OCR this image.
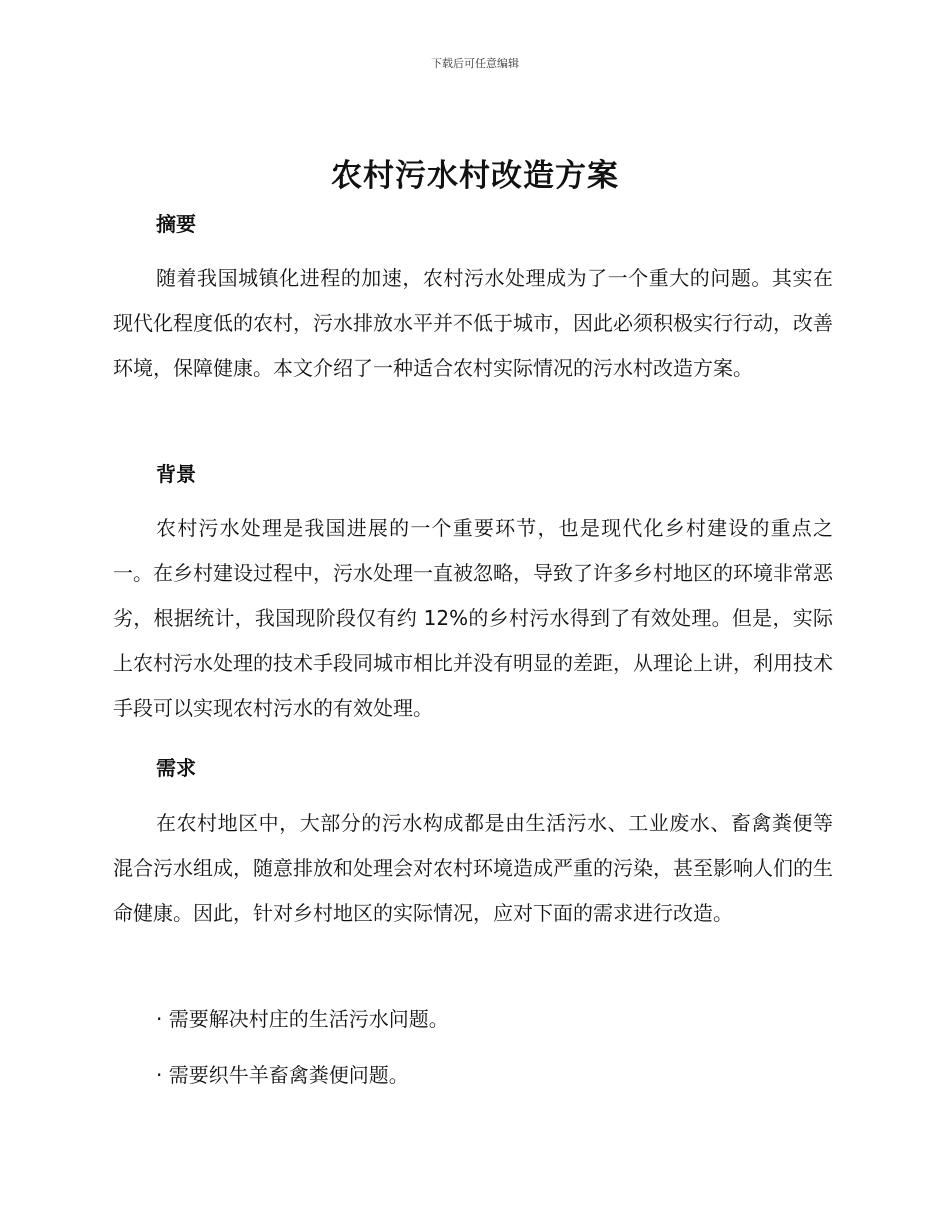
下载后可任意编辑
农村污水村改造方案
摘要

随着我国城镇化进程的加速，农村污水处理成为了一个重大的问题。其实在现代化程度低的农村，污水排放水平并不低于城市，因此必须积极实行行动，改善环境，保障健康。本文介绍了一种适合农村实际情况的污水村改造方案。

背景

农村污水处理是我国进展的一个重要环节，也是现代化乡村建设的重点之一。在乡村建设过程中，污水处理一直被忽略，导致了许多乡村地区的环境非常恶劣，根据统计，我国现阶段仅有约 12%的乡村污水得到了有效处理。但是，实际上农村污水处理的技术手段同城市相比并没有明显的差距，从理论上讲，利用技术手段可以实现农村污水的有效处理。

需求

在农村地区中，大部分的污水构成都是由生活污水、工业废水、畜禽粪便等混合污水组成，随意排放和处理会对农村环境造成严重的污染，甚至影响人们的生命健康。因此，针对乡村地区的实际情况，应对下面的需求进行改造。

· 需要解决村庄的生活污水问题。

· 需要织牛羊畜禽粪便问题。
